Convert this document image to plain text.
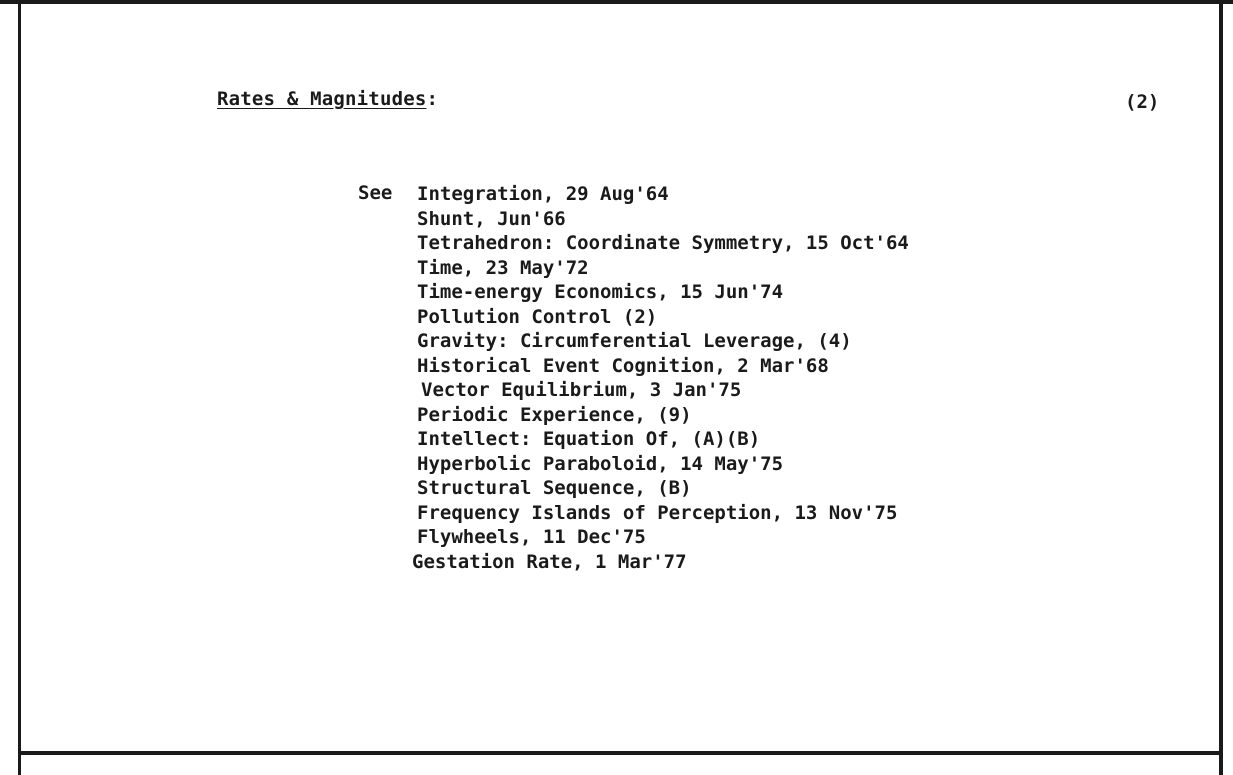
Rates & Magnitudes:	(2)
See Integration, 29 Aug'64
Shunt, Jun'66
Tetrahedron: Coordinate Symmetry, 15 Oct'64
Time, 23 May'72
Time-energy Economics, 15 Jun'74
Pollution Control (2)
Gravity: Circumferential Leverage, (4)
Historical Event Cognition, 2 Mar'68
Vector Equilibrium, 3 Jan'75
Periodic Experience, (9)
Intellect: Equation Of, (A)(B)
Hyperbolic Paraboloid, 14 May'75
Structural Sequence, (B)
Frequency Islands of Perception, 13 Nov'75
Flywheels, 11 Dec'75
Gestation Rate, 1 Mar'77
